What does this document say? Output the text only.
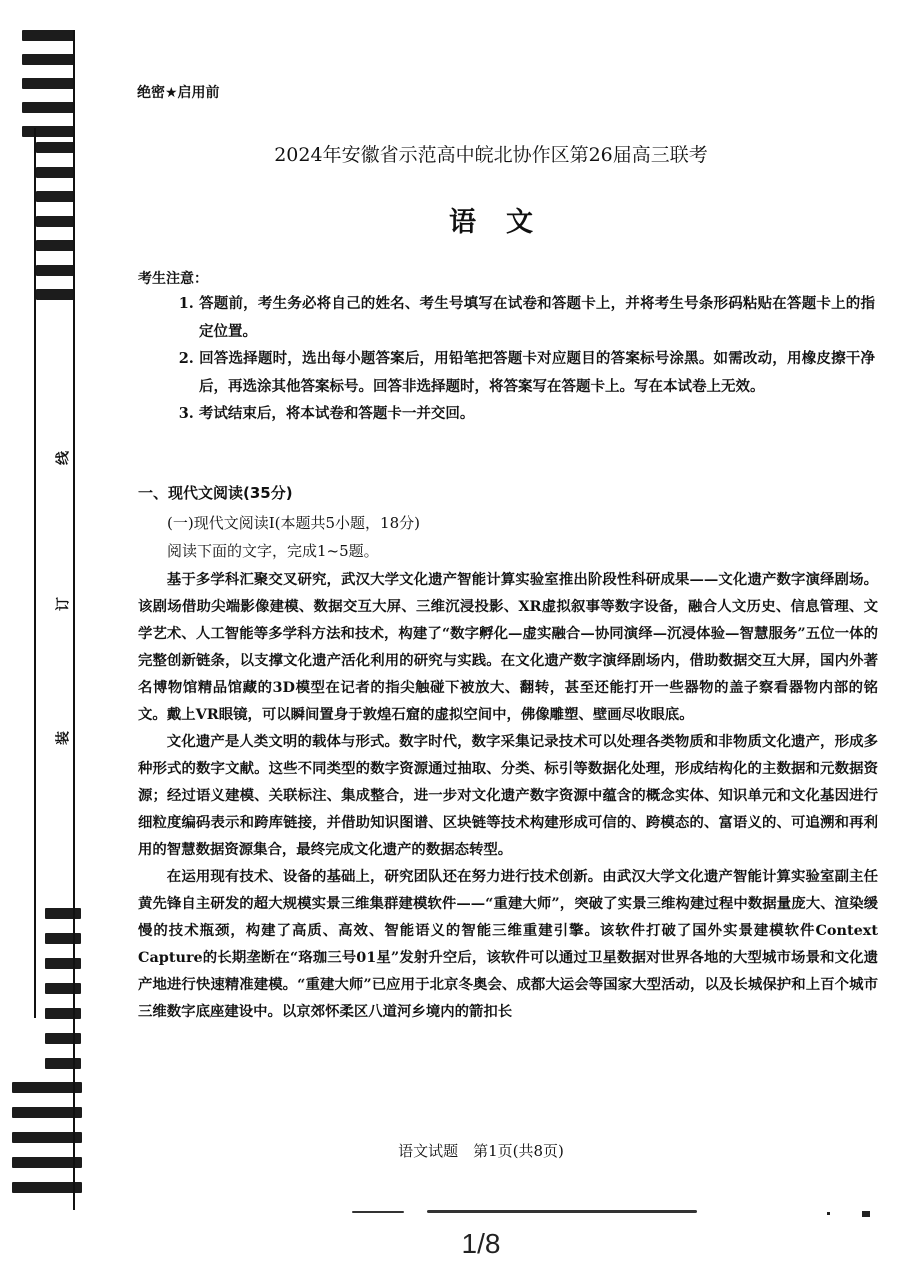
线
订
装
绝密★启用前
2024年安徽省示范高中皖北协作区第26届高三联考
语文
考生注意：
1. 答题前，考生务必将自己的姓名、考生号填写在试卷和答题卡上，并将考生号条形码粘贴在答题卡上的指定位置。
2. 回答选择题时，选出每小题答案后，用铅笔把答题卡对应题目的答案标号涂黑。如需改动，用橡皮擦干净后，再选涂其他答案标号。回答非选择题时，将答案写在答题卡上。写在本试卷上无效。
3. 考试结束后，将本试卷和答题卡一并交回。
一、现代文阅读(35分)
(一)现代文阅读Ⅰ(本题共5小题，18分)
阅读下面的文字，完成1~5题。

基于多学科汇聚交叉研究，武汉大学文化遗产智能计算实验室推出阶段性科研成果——文化遗产数字演绎剧场。该剧场借助尖端影像建模、数据交互大屏、三维沉浸投影、XR虚拟叙事等数字设备，融合人文历史、信息管理、文学艺术、人工智能等多学科方法和技术，构建了“数字孵化—虚实融合—协同演绎—沉浸体验—智慧服务”五位一体的完整创新链条，以支撑文化遗产活化利用的研究与实践。在文化遗产数字演绎剧场内，借助数据交互大屏，国内外著名博物馆精品馆藏的3D模型在记者的指尖触碰下被放大、翻转，甚至还能打开一些器物的盖子察看器物内部的铭文。戴上VR眼镜，可以瞬间置身于敦煌石窟的虚拟空间中，佛像雕塑、壁画尽收眼底。

文化遗产是人类文明的载体与形式。数字时代，数字采集记录技术可以处理各类物质和非物质文化遗产，形成多种形式的数字文献。这些不同类型的数字资源通过抽取、分类、标引等数据化处理，形成结构化的主数据和元数据资源；经过语义建模、关联标注、集成整合，进一步对文化遗产数字资源中蕴含的概念实体、知识单元和文化基因进行细粒度编码表示和跨库链接，并借助知识图谱、区块链等技术构建形成可信的、跨模态的、富语义的、可追溯和再利用的智慧数据资源集合，最终完成文化遗产的数据态转型。

在运用现有技术、设备的基础上，研究团队还在努力进行技术创新。由武汉大学文化遗产智能计算实验室副主任黄先锋自主研发的超大规模实景三维集群建模软件——“重建大师”，突破了实景三维构建过程中数据量庞大、渲染缓慢的技术瓶颈，构建了高质、高效、智能语义的智能三维重建引擎。该软件打破了国外实景建模软件Context Capture的长期垄断在“珞珈三号01星”发射升空后，该软件可以通过卫星数据对世界各地的大型城市场景和文化遗产地进行快速精准建模。“重建大师”已应用于北京冬奥会、成都大运会等国家大型活动，以及长城保护和上百个城市三维数字底座建设中。以京郊怀柔区八道河乡境内的箭扣长

语文试题　第1页(共8页)
1/8
